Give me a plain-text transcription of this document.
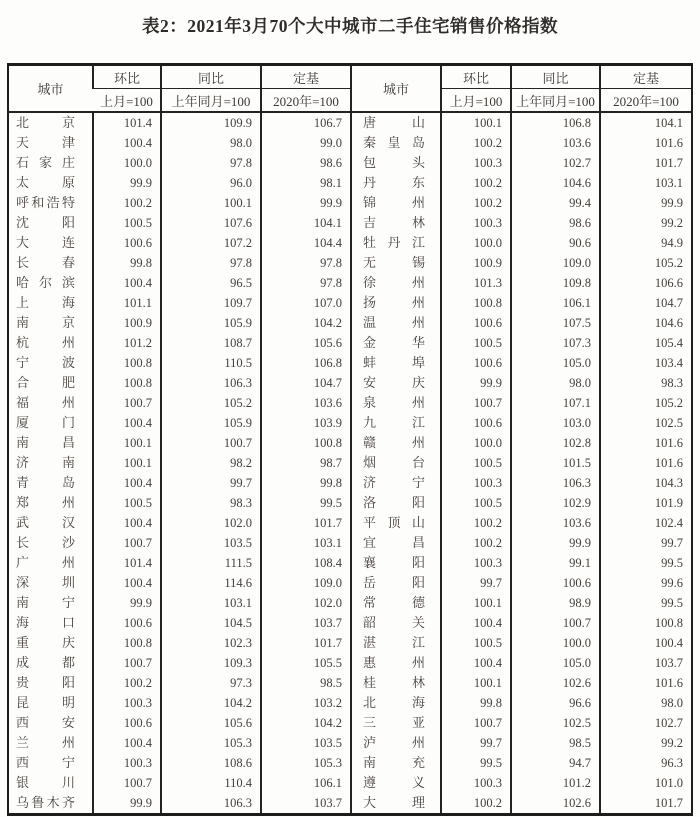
表2：2021年3月70个大中城市二手住宅销售价格指数
城市	环比	同比	定基	城市	环比	同比	定基
	上月=100	上年同月=100	2020年=100		上月=100	上年同月=100	2020年=100

北 京	101.4	109.9	106.7	唐 山	100.1	106.8	104.1

天 津	100.4	98.0	99.0	秦 皇 岛	100.2	103.6	101.6

石 家 庄	100.0	97.8	98.6	包 头	100.3	102.7	101.7

太 原	99.9	96.0	98.1	丹 东	100.2	104.6	103.1

呼 和 浩 特	100.2	100.1	99.9	锦 州	100.2	99.4	99.9

沈 阳	100.5	107.6	104.1	吉 林	100.3	98.6	99.2

大 连	100.6	107.2	104.4	牡 丹 江	100.0	90.6	94.9

长 春	99.8	97.8	97.8	无 锡	100.9	109.0	105.2

哈 尔 滨	100.4	96.5	97.8	徐 州	101.3	109.8	106.6

上 海	101.1	109.7	107.0	扬 州	100.8	106.1	104.7

南 京	100.9	105.9	104.2	温 州	100.6	107.5	104.6

杭 州	101.2	108.7	105.6	金 华	100.5	107.3	105.4

宁 波	100.8	110.5	106.8	蚌 埠	100.6	105.0	103.4

合 肥	100.8	106.3	104.7	安 庆	99.9	98.0	98.3

福 州	100.7	105.2	103.6	泉 州	100.7	107.1	105.2

厦 门	100.4	105.9	103.9	九 江	100.6	103.0	102.5

南 昌	100.1	100.7	100.8	赣 州	100.0	102.8	101.6

济 南	100.1	98.2	98.7	烟 台	100.5	101.5	101.6

青 岛	100.4	99.7	99.8	济 宁	100.3	106.3	104.3

郑 州	100.5	98.3	99.5	洛 阳	100.5	102.9	101.9

武 汉	100.4	102.0	101.7	平 顶 山	100.2	103.6	102.4

长 沙	100.7	103.5	103.1	宜 昌	100.2	99.9	99.7

广 州	101.4	111.5	108.4	襄 阳	100.3	99.1	99.5

深 圳	100.4	114.6	109.0	岳 阳	99.7	100.6	99.6

南 宁	99.9	103.1	102.0	常 德	100.1	98.9	99.5

海 口	100.6	104.5	103.7	韶 关	100.4	100.7	100.8

重 庆	100.8	102.3	101.7	湛 江	100.5	100.0	100.4

成 都	100.7	109.3	105.5	惠 州	100.4	105.0	103.7

贵 阳	100.2	97.3	98.5	桂 林	100.1	102.6	101.6

昆 明	100.3	104.2	103.2	北 海	99.8	96.6	98.0

西 安	100.6	105.6	104.2	三 亚	100.7	102.5	102.7

兰 州	100.4	105.3	103.5	泸 州	99.7	98.5	99.2

西 宁	100.3	108.6	105.3	南 充	99.5	94.7	96.3

银 川	100.7	110.4	106.1	遵 义	100.3	101.2	101.0

乌 鲁 木 齐	99.9	106.3	103.7	大 理	100.2	102.6	101.7
